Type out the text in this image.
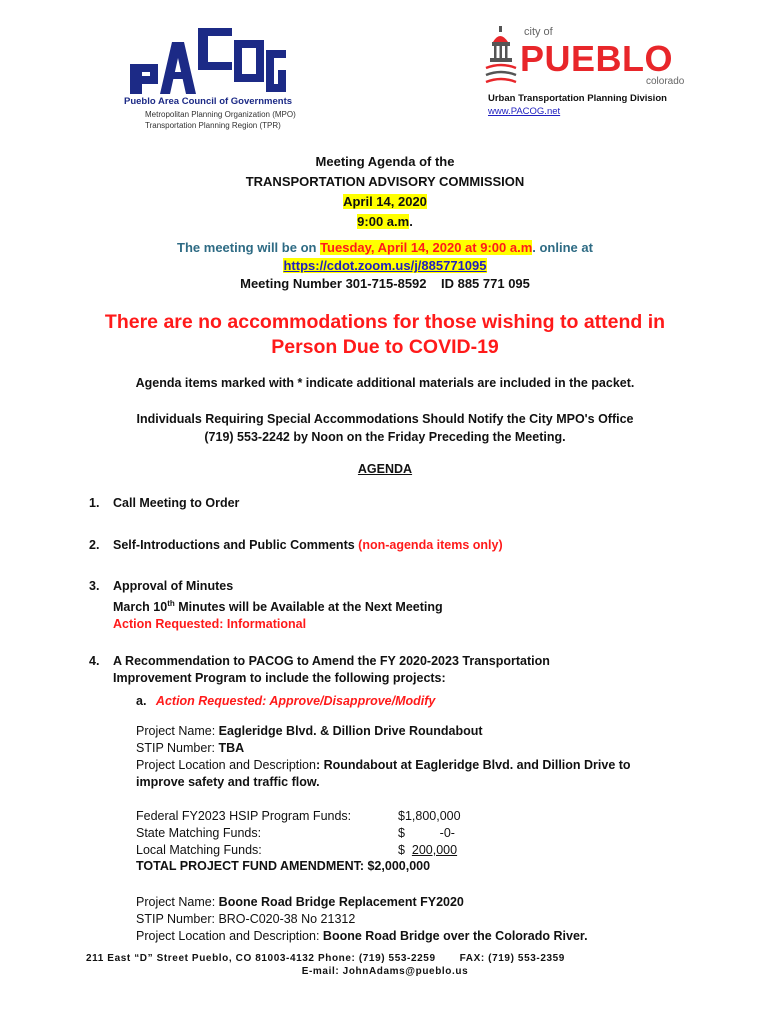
Pueblo Area Council of Governments
Metropolitan Planning Organization (MPO)
Transportation Planning Region (TPR)
city of
PUEBLO
colorado
Urban Transportation Planning Division
www.PACOG.net
Meeting Agenda of the
TRANSPORTATION ADVISORY COMMISSION
April 14, 2020
9:00 a.m.
The meeting will be on Tuesday, April 14, 2020 at 9:00 a.m. online at
https://cdot.zoom.us/j/885771095
Meeting Number 301-715-8592 ID 885 771 095
There are no accommodations for those wishing to attend in
Person Due to COVID-19
Agenda items marked with * indicate additional materials are included in the packet.
Individuals Requiring Special Accommodations Should Notify the City MPO's Office
(719) 553-2242 by Noon on the Friday Preceding the Meeting.
AGENDA
1. Call Meeting to Order
2. Self-Introductions and Public Comments (non-agenda items only)
3. Approval of Minutes
March 10th Minutes will be Available at the Next Meeting
Action Requested: Informational
4. A Recommendation to PACOG to Amend the FY 2020-2023 Transportation
Improvement Program to include the following projects:
a. Action Requested: Approve/Disapprove/Modify
Project Name: Eagleridge Blvd. & Dillion Drive Roundabout
STIP Number: TBA
Project Location and Description: Roundabout at Eagleridge Blvd. and Dillion Drive to
improve safety and traffic flow.
Federal FY2023 HSIP Program Funds:	$1,800,000
State Matching Funds:	$          -0-
Local Matching Funds:	$  200,000
TOTAL PROJECT FUND AMENDMENT: $2,000,000
Project Name: Boone Road Bridge Replacement FY2020
STIP Number: BRO-C020-38 No 21312
Project Location and Description: Boone Road Bridge over the Colorado River.
211 East “D” Street Pueblo, CO 81003-4132 Phone: (719) 553-2259 FAX: (719) 553-2359
E-mail: JohnAdams@pueblo.us
